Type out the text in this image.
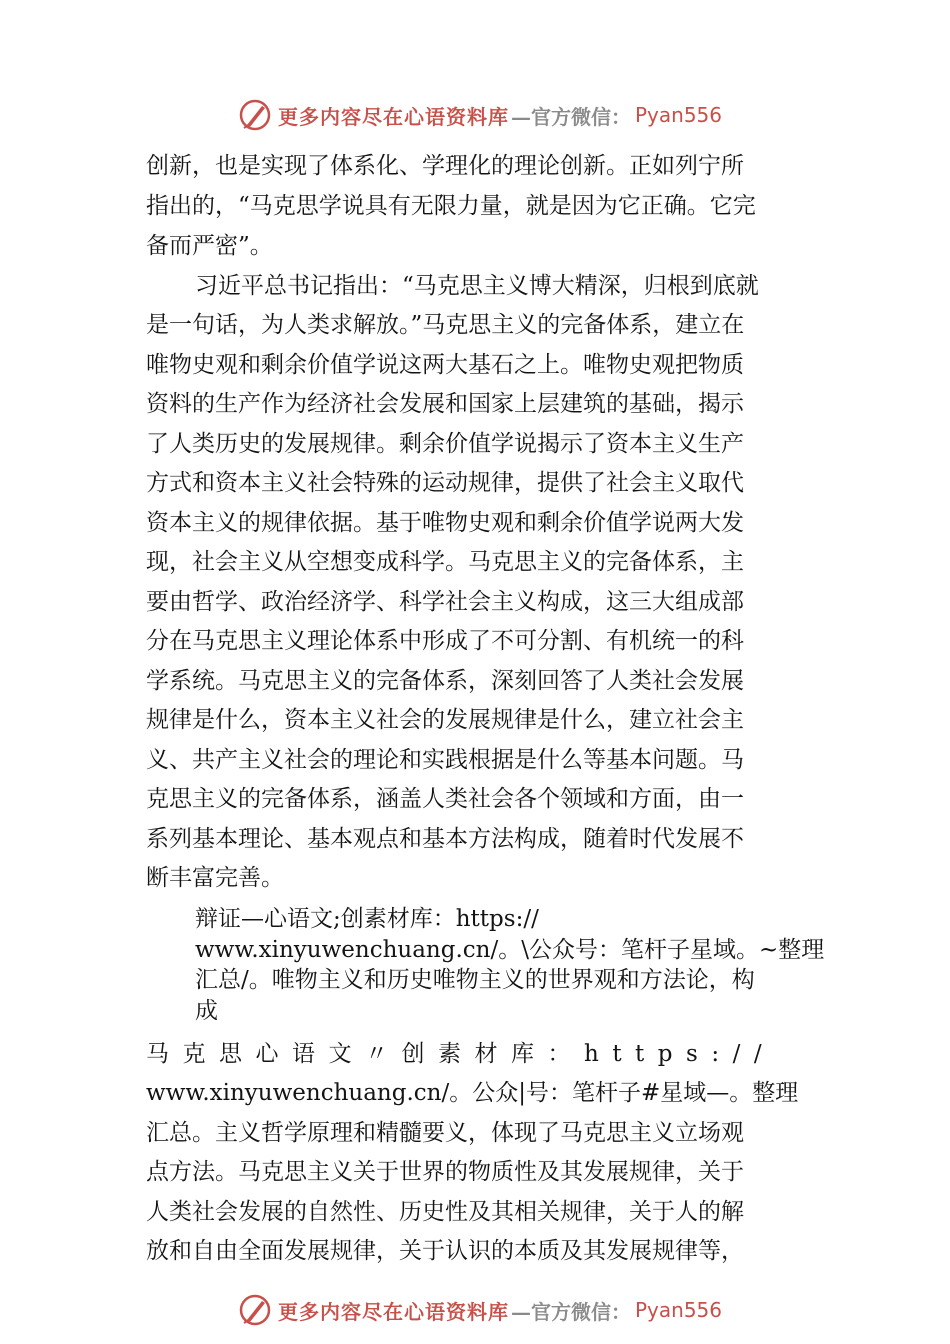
更多内容尽在心语资料库 —官方微信： Pyan556
创新，也是实现了体系化、学理化的理论创新。正如列宁所
指出的，“马克思学说具有无限力量，就是因为它正确。它完
备而严密”。
习近平总书记指出：“马克思主义博大精深，归根到底就
是一句话，为人类求解放。”马克思主义的完备体系，建立在
唯物史观和剩余价值学说这两大基石之上。唯物史观把物质
资料的生产作为经济社会发展和国家上层建筑的基础，揭示
了人类历史的发展规律。剩余价值学说揭示了资本主义生产
方式和资本主义社会特殊的运动规律，提供了社会主义取代
资本主义的规律依据。基于唯物史观和剩余价值学说两大发
现，社会主义从空想变成科学。马克思主义的完备体系，主
要由哲学、政治经济学、科学社会主义构成，这三大组成部
分在马克思主义理论体系中形成了不可分割、有机统一的科
学系统。马克思主义的完备体系，深刻回答了人类社会发展
规律是什么，资本主义社会的发展规律是什么，建立社会主
义、共产主义社会的理论和实践根据是什么等基本问题。马
克思主义的完备体系，涵盖人类社会各个领域和方面，由一
系列基本理论、基本观点和基本方法构成，随着时代发展不
断丰富完善。
辩证—心语文;创素材库：https://
www.xinyuwenchuang.cn/。\公众号：笔杆子星域。~整理
汇总/。唯物主义和历史唯物主义的世界观和方法论，构
成
马克思心语文〃创素材库：https://
www.xinyuwenchuang.cn/。公众|号：笔杆子#星域—。整理
汇总。主义哲学原理和精髓要义，体现了马克思主义立场观
点方法。马克思主义关于世界的物质性及其发展规律，关于
人类社会发展的自然性、历史性及其相关规律，关于人的解
放和自由全面发展规律，关于认识的本质及其发展规律等，
更多内容尽在心语资料库 —官方微信： Pyan556
